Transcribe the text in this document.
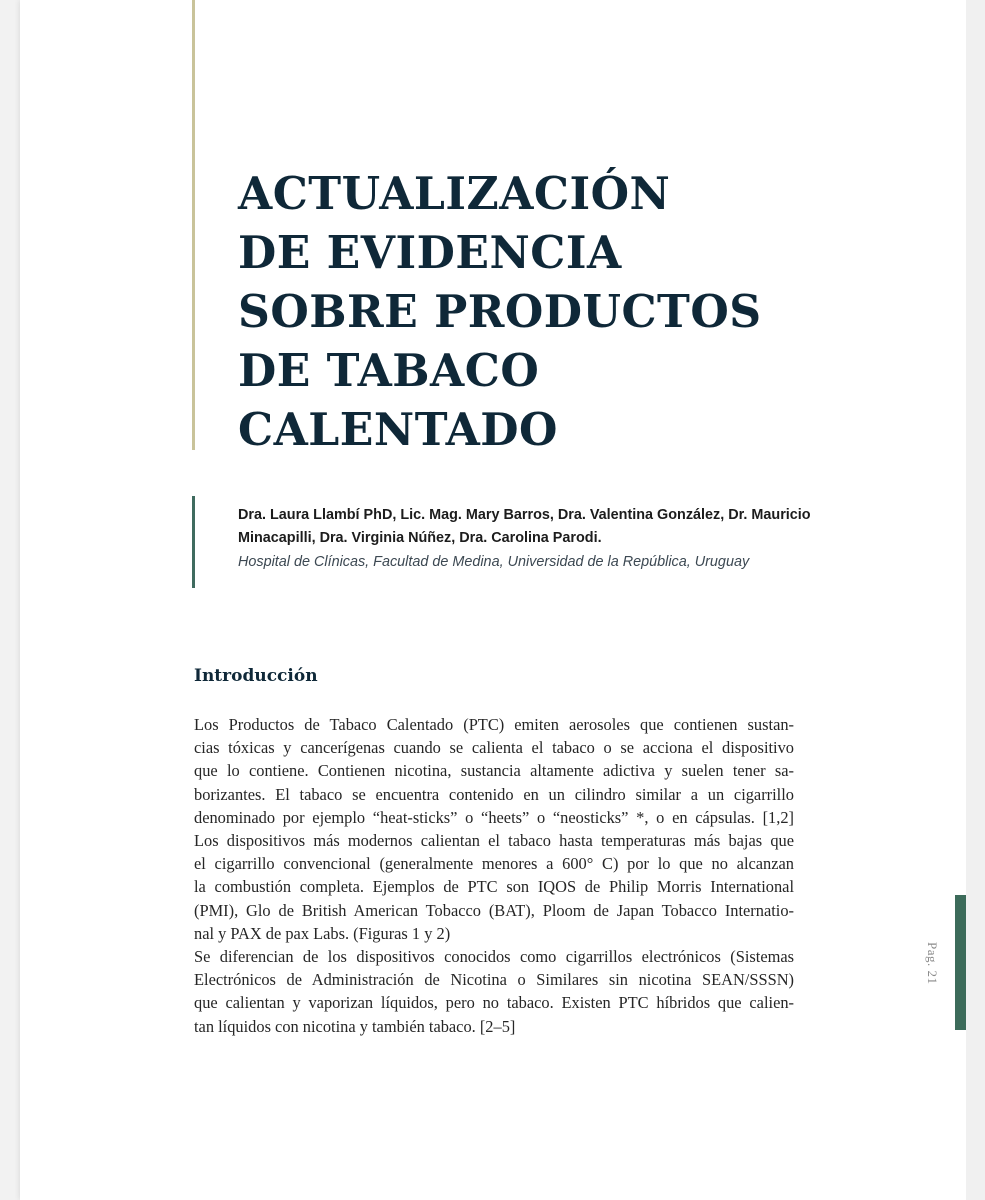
ACTUALIZACIÓN
DE EVIDENCIA
SOBRE PRODUCTOS
DE TABACO
CALENTADO
Dra. Laura Llambí PhD, Lic. Mag. Mary Barros, Dra. Valentina González, Dr. Mauricio
Minacapilli, Dra. Virginia Núñez, Dra. Carolina Parodi.
Hospital de Clínicas, Facultad de Medina, Universidad de la República, Uruguay
Introducción
Los Productos de Tabaco Calentado (PTC) emiten aerosoles que contienen sustan-
cias tóxicas y cancerígenas cuando se calienta el tabaco o se acciona el dispositivo
que lo contiene. Contienen nicotina, sustancia altamente adictiva y suelen tener sa-
borizantes. El tabaco se encuentra contenido en un cilindro similar a un cigarrillo
denominado por ejemplo “heat-sticks” o “heets” o “neosticks” *, o en cápsulas. [1,2]
Los dispositivos más modernos calientan el tabaco hasta temperaturas más bajas que
el cigarrillo convencional (generalmente menores a 600° C) por lo que no alcanzan
la combustión completa. Ejemplos de PTC son IQOS de Philip Morris International
(PMI), Glo de British American Tobacco (BAT), Ploom de Japan Tobacco Internatio-
nal y PAX de pax Labs. (Figuras 1 y 2)
Se diferencian de los dispositivos conocidos como cigarrillos electrónicos (Sistemas
Electrónicos de Administración de Nicotina o Similares sin nicotina SEAN/SSSN)
que calientan y vaporizan líquidos, pero no tabaco. Existen PTC híbridos que calien-
tan líquidos con nicotina y también tabaco. [2–5]
Pag. 21
